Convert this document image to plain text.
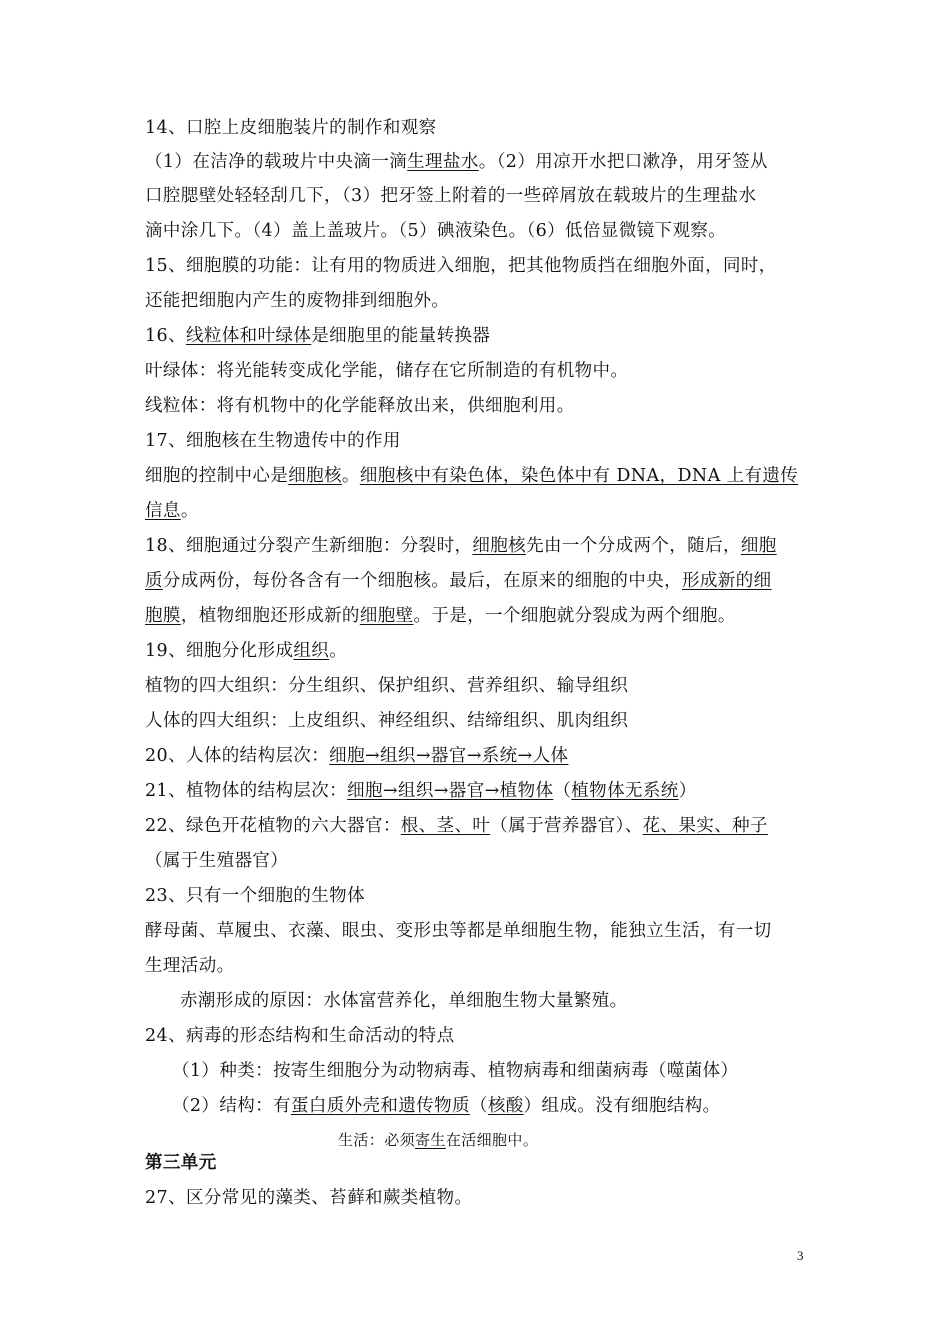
14、口腔上皮细胞装片的制作和观察
（1）在洁净的载玻片中央滴一滴生理盐水。（2）用凉开水把口漱净，用牙签从
口腔腮壁处轻轻刮几下，（3）把牙签上附着的一些碎屑放在载玻片的生理盐水
滴中涂几下。（4）盖上盖玻片。（5）碘液染色。（6）低倍显微镜下观察。
15、细胞膜的功能：让有用的物质进入细胞，把其他物质挡在细胞外面，同时，
还能把细胞内产生的废物排到细胞外。
16、线粒体和叶绿体是细胞里的能量转换器
叶绿体：将光能转变成化学能，储存在它所制造的有机物中。
线粒体：将有机物中的化学能释放出来，供细胞利用。
17、细胞核在生物遗传中的作用
细胞的控制中心是细胞核。细胞核中有染色体，染色体中有 DNA，DNA 上有遗传
信息。
18、细胞通过分裂产生新细胞：分裂时，细胞核先由一个分成两个，随后，细胞
质分成两份，每份各含有一个细胞核。最后，在原来的细胞的中央，形成新的细
胞膜，植物细胞还形成新的细胞壁。于是，一个细胞就分裂成为两个细胞。
19、细胞分化形成组织。
植物的四大组织：分生组织、保护组织、营养组织、输导组织
人体的四大组织：上皮组织、神经组织、结缔组织、肌肉组织
20、人体的结构层次：细胞→组织→器官→系统→人体
21、植物体的结构层次：细胞→组织→器官→植物体（植物体无系统）
22、绿色开花植物的六大器官：根、茎、叶（属于营养器官）、花、果实、种子
（属于生殖器官）
23、只有一个细胞的生物体
酵母菌、草履虫、衣藻、眼虫、变形虫等都是单细胞生物，能独立生活，有一切
生理活动。
赤潮形成的原因：水体富营养化，单细胞生物大量繁殖。
24、病毒的形态结构和生命活动的特点
（1）种类：按寄生细胞分为动物病毒、植物病毒和细菌病毒（噬菌体）
（2）结构：有蛋白质外壳和遗传物质（核酸）组成。没有细胞结构。
生活：必须寄生在活细胞中。
第三单元
27、区分常见的藻类、苔藓和蕨类植物。
3
